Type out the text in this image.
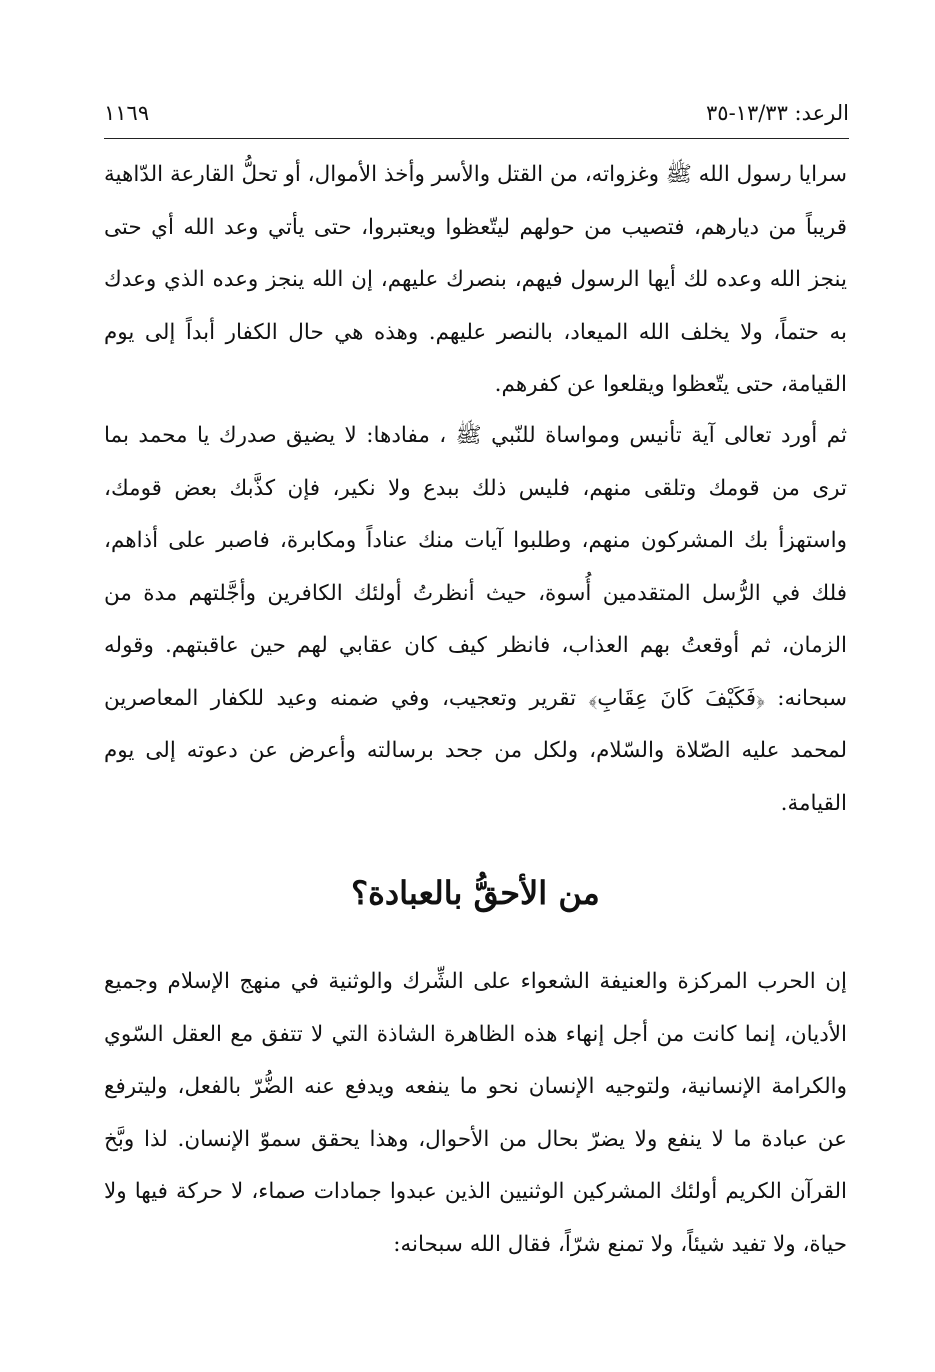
الرعد: ١٣/٣٣-٣٥
١١٦٩

سرايا رسول الله ﷺ وغزواته، من القتل والأسر وأخذ الأموال، أو تحلُّ القارعة الدّاهية قريباً من ديارهم، فتصيب من حولهم ليتّعظوا ويعتبروا، حتى يأتي وعد الله أي حتى ينجز الله وعده لك أيها الرسول فيهم، بنصرك عليهم، إن الله ينجز وعده الذي وعدك به حتماً، ولا يخلف الله الميعاد، بالنصر عليهم. وهذه هي حال الكفار أبداً إلى يوم القيامة، حتى يتّعظوا ويقلعوا عن كفرهم.

ثم أورد تعالى آية تأنيس ومواساة للنّبي ﷺ ، مفادها: لا يضيق صدرك يا محمد بما ترى من قومك وتلقى منهم، فليس ذلك ببدع ولا نكير، فإن كذَّبك بعض قومك، واستهزأ بك المشركون منهم، وطلبوا آيات منك عناداً ومكابرة، فاصبر على أذاهم، فلك في الرُّسل المتقدمين أُسوة، حيث أنظرتُ أولئك الكافرين وأجَّلتهم مدة من الزمان، ثم أوقعتُ بهم العذاب، فانظر كيف كان عقابي لهم حين عاقبتهم. وقوله سبحانه: ﴿فَكَيْفَ كَانَ عِقَابِ﴾ تقرير وتعجيب، وفي ضمنه وعيد للكفار المعاصرين لمحمد عليه الصّلاة والسّلام، ولكل من جحد برسالته وأعرض عن دعوته إلى يوم القيامة.

من الأحقُّ بالعبادة؟

إن الحرب المركزة والعنيفة الشعواء على الشِّرك والوثنية في منهج الإسلام وجميع الأديان، إنما كانت من أجل إنهاء هذه الظاهرة الشاذة التي لا تتفق مع العقل السّوي والكرامة الإنسانية، ولتوجيه الإنسان نحو ما ينفعه ويدفع عنه الضُّرّ بالفعل، وليترفع عن عبادة ما لا ينفع ولا يضرّ بحال من الأحوال، وهذا يحقق سموّ الإنسان. لذا وبَّخ القرآن الكريم أولئك المشركين الوثنيين الذين عبدوا جمادات صماء، لا حركة فيها ولا حياة، ولا تفيد شيئاً، ولا تمنع شرّاً، فقال الله سبحانه:
